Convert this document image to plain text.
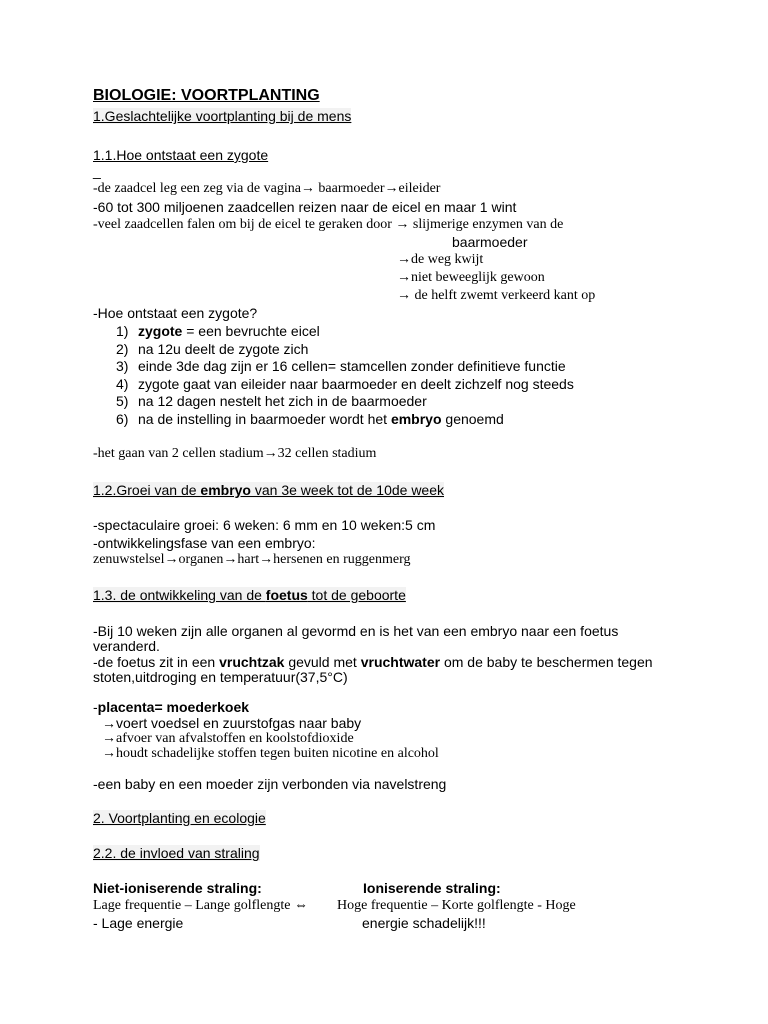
BIOLOGIE: VOORTPLANTING
1.Geslachtelijke voortplanting bij de mens
1.1.Hoe ontstaat een zygote
_
-de zaadcel leg een zeg via de vagina→ baarmoeder→eileider
-60 tot 300 miljoenen zaadcellen reizen naar de eicel en maar 1 wint
-veel zaadcellen falen om bij de eicel te geraken door → slijmerige enzymen van de
baarmoeder
→de weg kwijt
→niet beweeglijk gewoon
→ de helft zwemt verkeerd kant op
-Hoe ontstaat een zygote?
1) zygote = een bevruchte eicel
2) na 12u deelt de zygote zich
3) einde 3de dag zijn er 16 cellen= stamcellen zonder definitieve functie
4) zygote gaat van eileider naar baarmoeder en deelt zichzelf nog steeds
5) na 12 dagen nestelt het zich in de baarmoeder
6) na de instelling in baarmoeder wordt het embryo genoemd
-het gaan van 2 cellen stadium→32 cellen stadium
1.2.Groei van de embryo van 3e week tot de 10de week
-spectaculaire groei: 6 weken: 6 mm en 10 weken:5 cm
-ontwikkelingsfase van een embryo:
zenuwstelsel→organen→hart→hersenen en ruggenmerg
1.3. de ontwikkeling van de foetus tot de geboorte
-Bij 10 weken zijn alle organen al gevormd en is het van een embryo naar een foetus
veranderd.
-de foetus zit in een vruchtzak gevuld met vruchtwater om de baby te beschermen tegen
stoten,uitdroging en temperatuur(37,5°C)
-placenta= moederkoek
→voert voedsel en zuurstofgas naar baby
→afvoer van afvalstoffen en koolstofdioxide
→houdt schadelijke stoffen tegen buiten nicotine en alcohol
-een baby en een moeder zijn verbonden via navelstreng
2. Voortplanting en ecologie
2.2. de invloed van straling
Niet-ioniserende straling:	Ioniserende straling:
Lage frequentie – Lange golflengte ⇔ Hoge frequentie – Korte golflengte - Hoge
- Lage energie	energie schadelijk!!!
